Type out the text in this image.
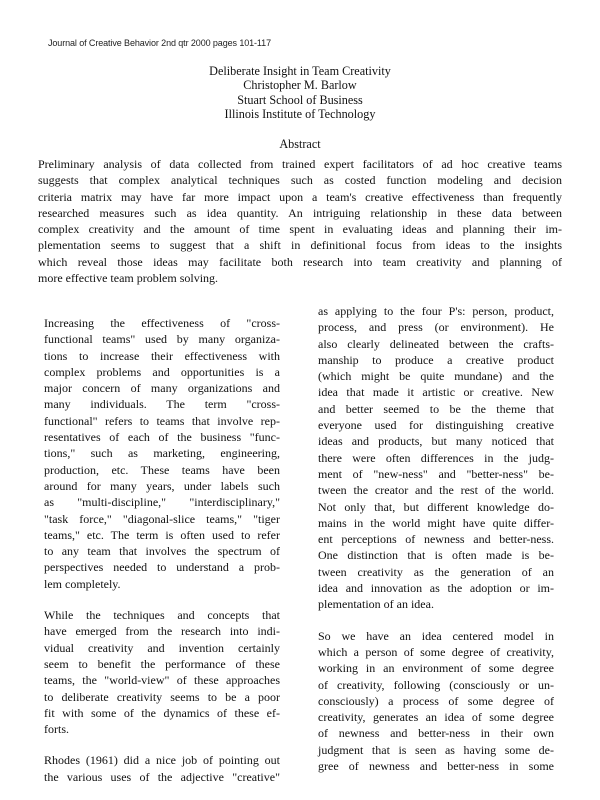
Journal of Creative Behavior 2nd qtr 2000 pages 101-117
Deliberate Insight in Team Creativity
Christopher M. Barlow
Stuart School of Business
Illinois Institute of Technology
Abstract
Preliminary analysis of data collected from trained expert facilitators of ad hoc creative teams
suggests that complex analytical techniques such as costed function modeling and decision
criteria matrix may have far more impact upon a team's creative effectiveness than frequently
researched measures such as idea quantity. An intriguing relationship in these data between
complex creativity and the amount of time spent in evaluating ideas and planning their im-
plementation seems to suggest that a shift in definitional focus from ideas to the insights
which reveal those ideas may facilitate both research into team creativity and planning of
more effective team problem solving.
Increasing the effectiveness of "cross-
functional teams" used by many organiza-
tions to increase their effectiveness with
complex problems and opportunities is a
major concern of many organizations and
many individuals. The term "cross-
functional" refers to teams that involve rep-
resentatives of each of the business "func-
tions," such as marketing, engineering,
production, etc. These teams have been
around for many years, under labels such
as "multi-discipline," "interdisciplinary,"
"task force," "diagonal-slice teams," "tiger
teams," etc. The term is often used to refer
to any team that involves the spectrum of
perspectives needed to understand a prob-
lem completely.
While the techniques and concepts that
have emerged from the research into indi-
vidual creativity and invention certainly
seem to benefit the performance of these
teams, the "world-view" of these approaches
to deliberate creativity seems to be a poor
fit with some of the dynamics of these ef-
forts.
Rhodes (1961) did a nice job of pointing out
the various uses of the adjective "creative"
as applying to the four P's: person, product,
process, and press (or environment). He
also clearly delineated between the crafts-
manship to produce a creative product
(which might be quite mundane) and the
idea that made it artistic or creative. New
and better seemed to be the theme that
everyone used for distinguishing creative
ideas and products, but many noticed that
there were often differences in the judg-
ment of "new-ness" and "better-ness" be-
tween the creator and the rest of the world.
Not only that, but different knowledge do-
mains in the world might have quite differ-
ent perceptions of newness and better-ness.
One distinction that is often made is be-
tween creativity as the generation of an
idea and innovation as the adoption or im-
plementation of an idea.
So we have an idea centered model in
which a person of some degree of creativity,
working in an environment of some degree
of creativity, following (consciously or un-
consciously) a process of some degree of
creativity, generates an idea of some degree
of newness and better-ness in their own
judgment that is seen as having some de-
gree of newness and better-ness in some
